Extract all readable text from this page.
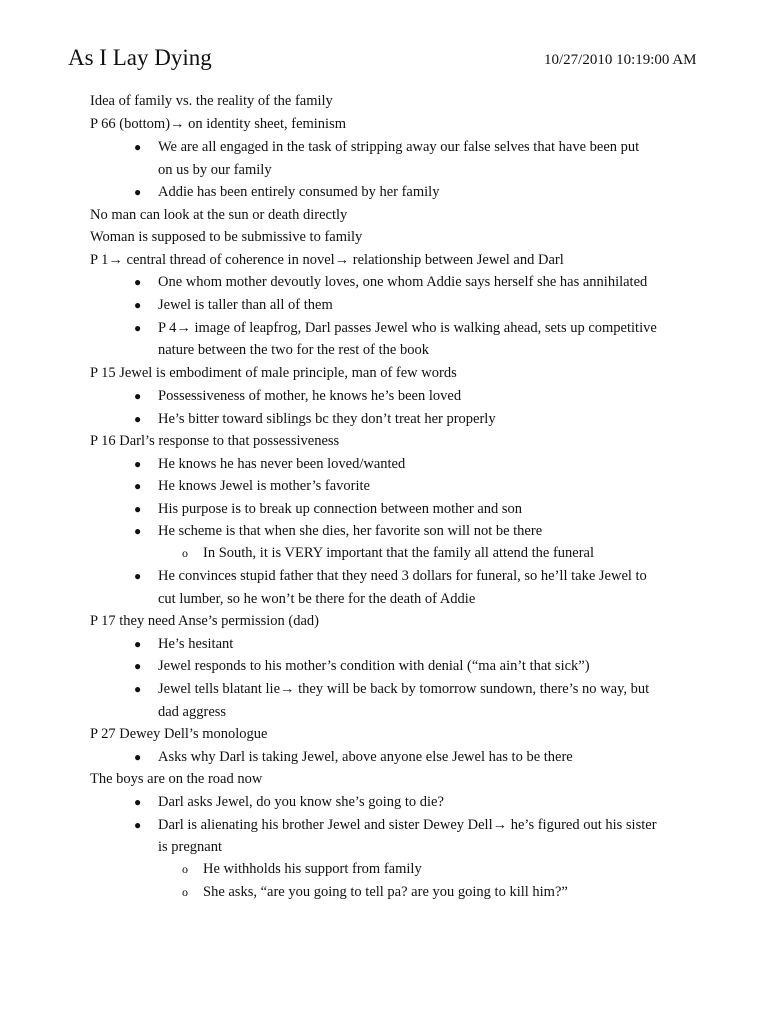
As I Lay Dying	10/27/2010 10:19:00 AM
Idea of family vs. the reality of the family
P 66 (bottom)→ on identity sheet, feminism
● We are all engaged in the task of stripping away our false selves that have been put
on us by our family
● Addie has been entirely consumed by her family
No man can look at the sun or death directly
Woman is supposed to be submissive to family
P 1→ central thread of coherence in novel→ relationship between Jewel and Darl
● One whom mother devoutly loves, one whom Addie says herself she has annihilated
● Jewel is taller than all of them
● P 4→ image of leapfrog, Darl passes Jewel who is walking ahead, sets up competitive
nature between the two for the rest of the book
P 15 Jewel is embodiment of male principle, man of few words
● Possessiveness of mother, he knows he’s been loved
● He’s bitter toward siblings bc they don’t treat her properly
P 16 Darl’s response to that possessiveness
● He knows he has never been loved/wanted
● He knows Jewel is mother’s favorite
● His purpose is to break up connection between mother and son
● He scheme is that when she dies, her favorite son will not be there
o In South, it is VERY important that the family all attend the funeral
● He convinces stupid father that they need 3 dollars for funeral, so he’ll take Jewel to
cut lumber, so he won’t be there for the death of Addie
P 17 they need Anse’s permission (dad)
● He’s hesitant
● Jewel responds to his mother’s condition with denial (“ma ain’t that sick”)
● Jewel tells blatant lie→ they will be back by tomorrow sundown, there’s no way, but
dad aggress
P 27 Dewey Dell’s monologue
● Asks why Darl is taking Jewel, above anyone else Jewel has to be there
The boys are on the road now
● Darl asks Jewel, do you know she’s going to die?
● Darl is alienating his brother Jewel and sister Dewey Dell→ he’s figured out his sister
is pregnant
o He withholds his support from family
o She asks, “are you going to tell pa? are you going to kill him?”
